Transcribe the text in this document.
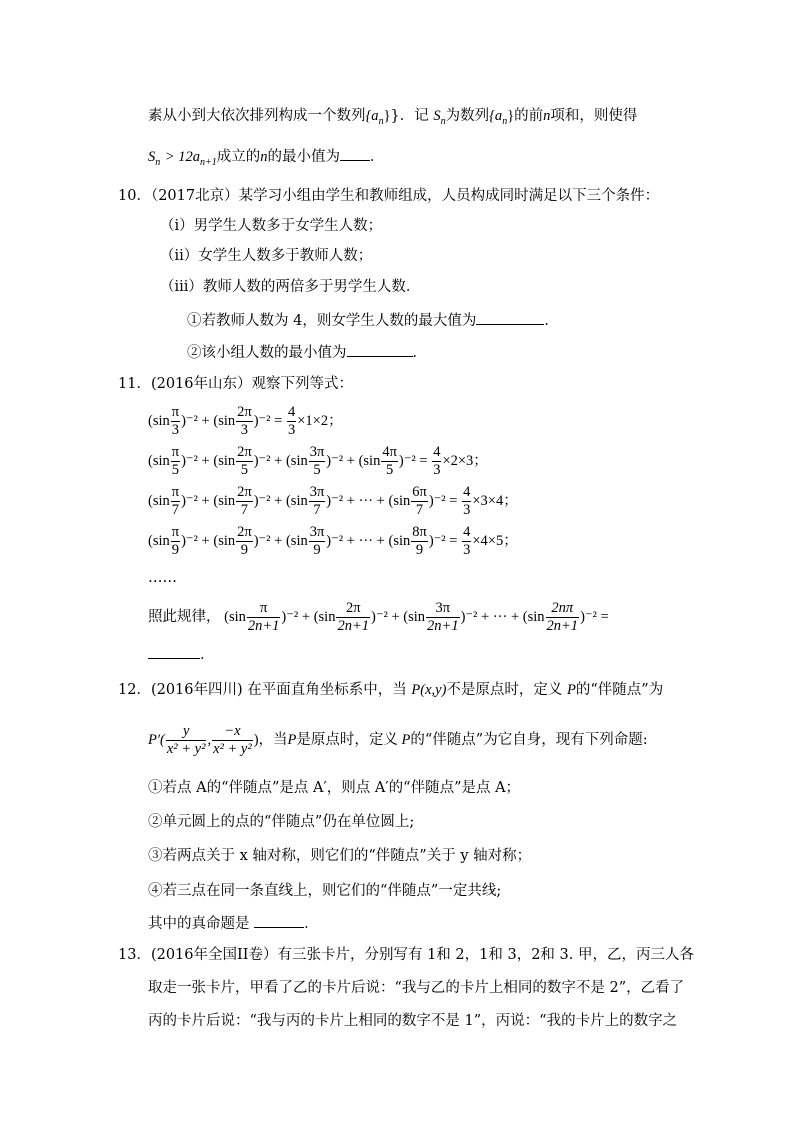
素从小到大依次排列构成一个数列$\{a_n\}$}．记 $S_n$为数列$\{a_n\}$的前n项和，则使得
$S_n > 12a_{n+1}$成立的n的最小值为 ．
10．（2017北京）某学习小组由学生和教师组成，人员构成同时满足以下三个条件：
（ⅰ）男学生人数多于女学生人数；
（ⅱ）女学生人数多于教师人数；
（ⅲ）教师人数的两倍多于男学生人数．
①若教师人数为 4，则女学生人数的最大值为	．
②该小组人数的最小值为	．
11．(2016年山东）观察下列等式：
$(\sin \frac{\pi}{3} )^{-2} + (\sin \frac{2\pi}{3} )^{-2} = \frac{4}{3} \times 1\times 2$；
$(\sin \frac{\pi}{5} )^{-2} + (\sin \frac{2\pi}{5} )^{-2} + (\sin \frac{3\pi}{5} )^{-2} + (\sin \frac{4\pi}{5} )^{-2} = \frac{4}{3} \times 2\times 3$；
$(\sin \frac{\pi}{7} )^{-2} + (\sin \frac{2\pi}{7} )^{-2} + (\sin \frac{3\pi}{7} )^{-2}$ + ··· + $(\sin \frac{6\pi}{7} )^{-2} = \frac{4}{3} \times 3\times 4$；
$(\sin \frac{\pi}{9} )^{-2} + (\sin \frac{2\pi}{9} )^{-2} + (\sin \frac{3\pi}{9} )^{-2}$ + ··· + $(\sin \frac{8\pi}{9} )^{-2} = \frac{4}{3} \times 4\times 5$；
……
照此规律， $(\sin \frac{\pi}{2n+1} )^{-2} + (\sin \frac{2\pi}{2n+1} )^{-2} + (\sin \frac{3\pi}{2n+1} )^{-2}$ + ··· + $(\sin \frac{2n\pi}{2n+1} )^{-2}$ =
．
12．(2016年四川) 在平面直角坐标系中，当 P(x,y)不是原点时，定义 P的“伴随点”为
$P'( \frac{y}{\text{x² + y²}}$ , $\frac{-x}{\text{x² + y²}}$ )，当P是原点时，定义 P的“伴随点”为它自身，现有下列命题:
①若点 A的“伴随点”是点 A′，则点 A′的“伴随点”是点 A；
②单元圆上的点的“伴随点”仍在单位圆上;
③若两点关于 x 轴对称，则它们的“伴随点”关于 y 轴对称；
④若三点在同一条直线上，则它们的“伴随点”一定共线;
其中的真命题是	．
13．(2016年全国II卷）有三张卡片，分别写有 1和 2，1和 3，2和 3. 甲，乙，丙三人各
取走一张卡片，甲看了乙的卡片后说：“我与乙的卡片上相同的数字不是 2”，乙看了
丙的卡片后说：“我与丙的卡片上相同的数字不是 1”，丙说：“我的卡片上的数字之
